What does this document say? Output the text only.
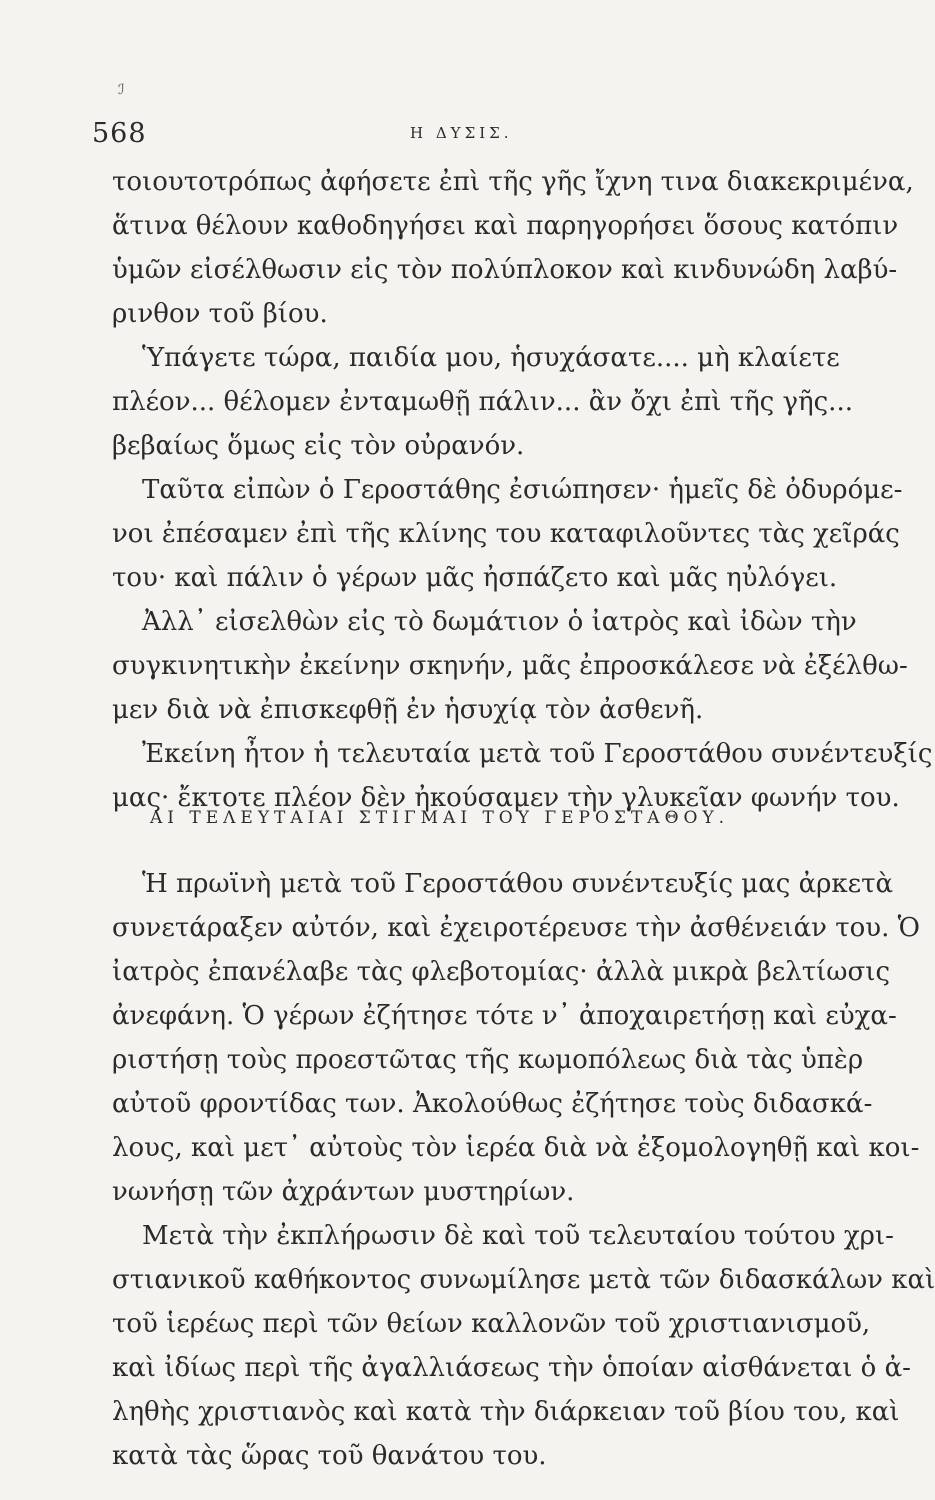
ℐ
568	Η ΔΥΣΙΣ.
τοιουτοτρόπως ἀφήσετε ἐπὶ τῆς γῆς ἴχνη τινα διακεκριμένα,
ἅτινα θέλουν καθοδηγήσει καὶ παρηγορήσει ὅσους κατόπιν
ὑμῶν εἰσέλθωσιν εἰς τὸν πολύπλοκον καὶ κινδυνώδη λαβύ-
ρινθον τοῦ βίου.
Ὑπάγετε τώρα, παιδία μου, ἡσυχάσατε.... μὴ κλαίετε
πλέον... θέλομεν ἐνταμωθῇ πάλιν... ἂν ὄχι ἐπὶ τῆς γῆς...
βεβαίως ὅμως εἰς τὸν οὐρανόν.
Ταῦτα εἰπὼν ὁ Γεροστάθης ἐσιώπησεν· ἡμεῖς δὲ ὀδυρόμε-
νοι ἐπέσαμεν ἐπὶ τῆς κλίνης του καταφιλοῦντες τὰς χεῖράς
του· καὶ πάλιν ὁ γέρων μᾶς ἠσπάζετο καὶ μᾶς ηὐλόγει.
Ἀλλ᾽ εἰσελθὼν εἰς τὸ δωμάτιον ὁ ἰατρὸς καὶ ἰδὼν τὴν
συγκινητικὴν ἐκείνην σκηνήν, μᾶς ἐπροσκάλεσε νὰ ἐξέλθω-
μεν διὰ νὰ ἐπισκεφθῇ ἐν ἡσυχίᾳ τὸν ἀσθενῆ.
Ἐκείνη ἦτον ἡ τελευταία μετὰ τοῦ Γεροστάθου συνέντευξίς
μας· ἔκτοτε πλέον δὲν ἠκούσαμεν τὴν γλυκεῖαν φωνήν του.
ΑΙ ΤΕΛΕΥΤΑΙΑΙ ΣΤΙΓΜΑΙ ΤΟΥ ΓΕΡΟΣΤΑΘΟΥ.
Ἡ πρωϊνὴ μετὰ τοῦ Γεροστάθου συνέντευξίς μας ἀρκετὰ
συνετάραξεν αὐτόν, καὶ ἐχειροτέρευσε τὴν ἀσθένειάν του. Ὁ
ἰατρὸς ἐπανέλαβε τὰς φλεβοτομίας· ἀλλὰ μικρὰ βελτίωσις
ἀνεφάνη. Ὁ γέρων ἐζήτησε τότε ν᾽ ἀποχαιρετήσῃ καὶ εὐχα-
ριστήσῃ τοὺς προεστῶτας τῆς κωμοπόλεως διὰ τὰς ὑπὲρ
αὐτοῦ φροντίδας των. Ἀκολούθως ἐζήτησε τοὺς διδασκά-
λους, καὶ μετ᾽ αὐτοὺς τὸν ἱερέα διὰ νὰ ἐξομολογηθῇ καὶ κοι-
νωνήσῃ τῶν ἀχράντων μυστηρίων.
Μετὰ τὴν ἐκπλήρωσιν δὲ καὶ τοῦ τελευταίου τούτου χρι-
στιανικοῦ καθήκοντος συνωμίλησε μετὰ τῶν διδασκάλων καὶ
τοῦ ἱερέως περὶ τῶν θείων καλλονῶν τοῦ χριστιανισμοῦ,
καὶ ἰδίως περὶ τῆς ἀγαλλιάσεως τὴν ὁποίαν αἰσθάνεται ὁ ἀ-
ληθὴς χριστιανὸς καὶ κατὰ τὴν διάρκειαν τοῦ βίου του, καὶ
κατὰ τὰς ὥρας τοῦ θανάτου του.
